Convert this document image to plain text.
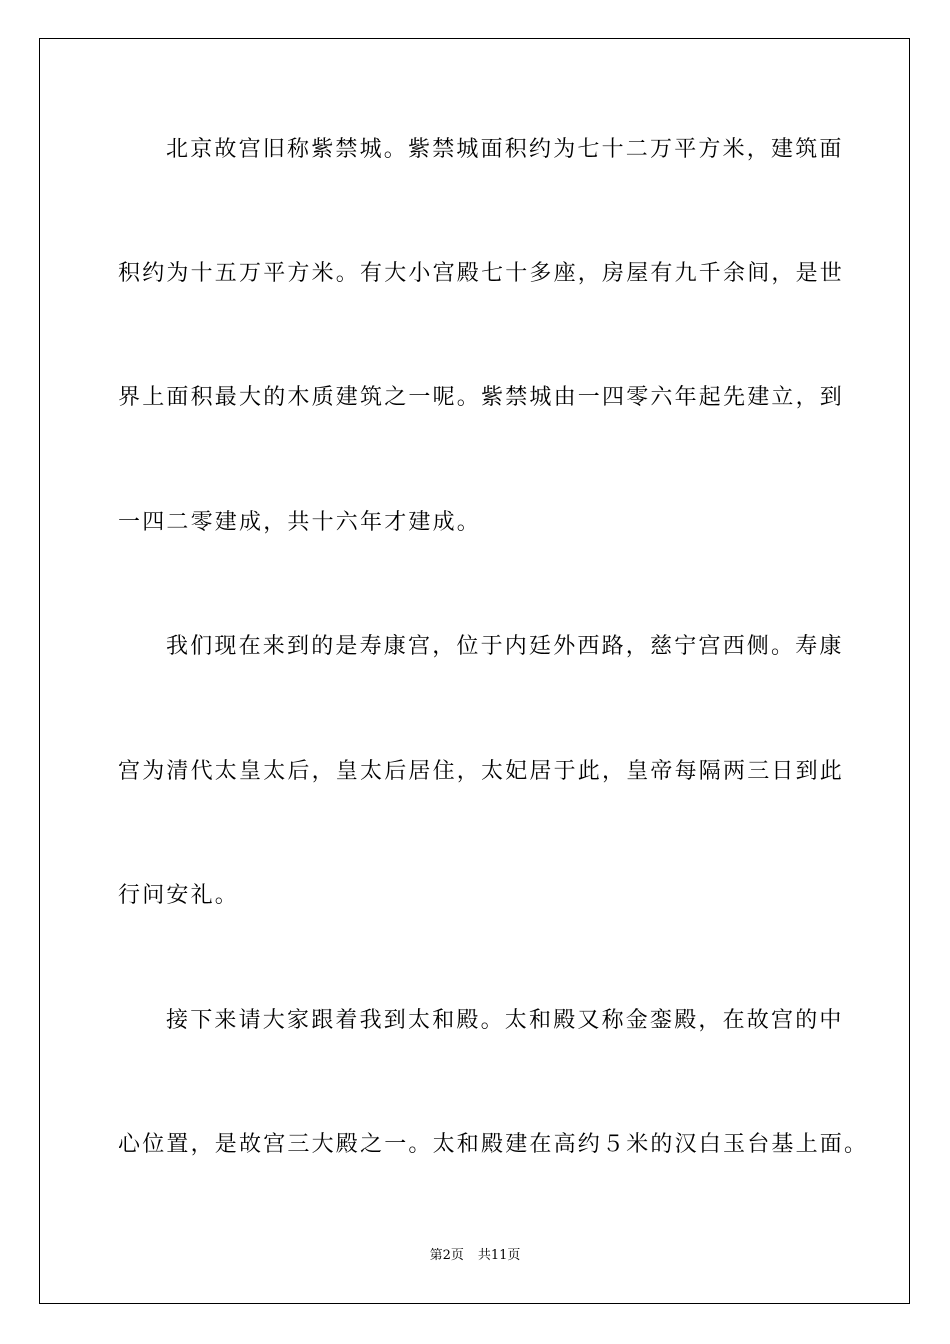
北京故宫旧称紫禁城。紫禁城面积约为七十二万平方米，建筑面
积约为十五万平方米。有大小宫殿七十多座，房屋有九千余间，是世
界上面积最大的木质建筑之一呢。紫禁城由一四零六年起先建立，到
一四二零建成，共十六年才建成。
我们现在来到的是寿康宫，位于内廷外西路，慈宁宫西侧。寿康
宫为清代太皇太后，皇太后居住，太妃居于此，皇帝每隔两三日到此
行问安礼。
接下来请大家跟着我到太和殿。太和殿又称金銮殿，在故宫的中
心位置，是故宫三大殿之一。太和殿建在高约５米的汉白玉台基上面。
第2页 共11页
